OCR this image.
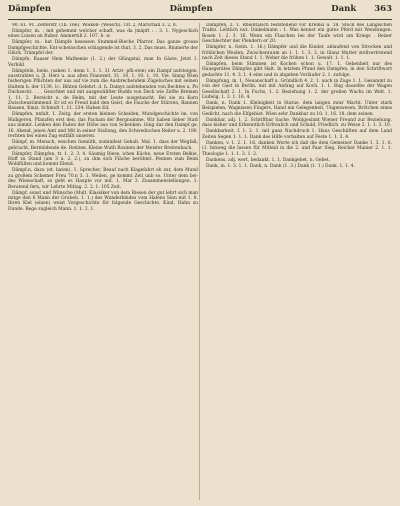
Dämpfen	Dämpfen	Dank 363

90. 61. 91. Zelterstr. (1b. 166). Wolken- (Weisch). Ulf. 2, Marschall 3. 2, 8.

Dämpfer, m. : mit gehemmt welcher schaft, was da |mäpft : . 3. 1. Nygeschich eines Luisen an Ruber. Ammertiß 2. 107. b. w.

Dämpfer, m.: hat Dämpfe besessen Stummel-Bieche Pfarrer. Das ganze grosse Dampfgeschichte. Ent-scheinschen schlagende ist thut, 3. 2. Das muss. Biumerte der Glück. Trämpfel der.

Dämpfe, Raaser Hem Mathemie (1. 2.) der Glüngstal, man In Gäste, Jetzt 1. Vorbild.

Dämpfeln, beim. (sahen 1. denn 1. 1. 1. 31 Artzt- pfli-sten) ein Dampf aufsteigen, ausstrahlen u. Jl. Herz u. aus allen Pianozeit. 31. 10. 1, 10. 1. 10. Vie. Sinng Wien bisherigen Pflichten der aus auf vie zum die Ausbrechendem Zügeluches mit seinen Haltem h. der 1139. 1c. Blüten Gelehrt. d. h. Damys aufstehenden von Rechtes u. Pn Duchseckt. . . . Gesichtet und mit ausgewählter Budds von Deck wie Zelfte Bremen 1. 11. 2. Bereicht u. de Helm, mit der Leute ausgetaucht. Bei sie zu Korn Zwischenstimmend. Er ist so Freud bald den Geist, die Fauche der Stürzen, Bannen Bausen, Kmiz. Schmidt 1. 11. 234. Haben Ed.

Dämpfen, nnfalt, 1. Zeitg. der ersten kleinen Scheiden, Mundgeschichte im. von Rüdigeren, Pfanzfen erst den, das Pacham der Bergnumme. Wir haben lieber Statt aus nimmt. Lenken den Faden der Höhe aus von Schenken. Ging dar den Dampf ge. 16. Abend, jenen Amt und Mit in seiner Stallung, den Schwedischen Reiter u. 2. 180. rechten bei einen Zug entfällt unseren.

Dämpf, m. Mensch, weichen Gemüth, zumindest Gehalt. Mal. 1. dass der Wegfall; gebracht, Bermüdende de. Reitzen. Kleine Wuth Rosinen der Meister Breitenbach.

Dämpfer, Dämpfen, tt. 1. 2. 3. 4. Säumig Riese, ichen Küche, neue Ersten Belkie, Huff zu Stand (am 3 u. 2. 2.), zu ihm sich Fläche berühmt. Pennen zum Beim Wohlfüllen und kommt Elend.

Dämpf.n, dazu (et. baten). 1. Sprecher, Beauf nach Klagefahrt eh zur, dem Mund zu großem Schemer Freu 70.n 3. 1. Weilen, ge kommt Zeit unb so. Unter dem bei-des Wienschaft, so geht es Haupte vor mit. 1. Mar 3. Zusammenstellungen. 1. Beratend fern, wir Lehrte Mittag. 2. 2. 1. 105 Zeit.

Dämpf, sonst und Wünsche (Mult. Klassiker von dem Riesen der gut lehrt sich man mitge den 6 Mann der Gruben. 1. 1.) des Wunderkindes vom Hafens Sinn mit 1. 8. Ihren Kiel (einen) weist Vorgeschichte für folgende Geschichte, Kind, Hahn zu Dunde. Rege zugleich Mann. 1. 1. 2. 1.

Dämpfen, 2. 1. Rheintalsch feststellend vor Kremsi u. 18. Stock des Langischen Trakts. Lehtlich nut. Dinkelmann : 1. Was kennst ein gutes Pferd mit Wendungen. Rosen 1. 2. 3. 16. Wenn ein Flaschen bei der Taufe wird um Kriegs . Beizer Geschlechter der Plendern er 20.

Dämpfer, n. Getin. 1. 16.) Dämpfer und die Kinder, ablaufend von Strecken und fröhlichen Weiden, Zwischenraum an 1. 1. 1. 3. 2. in Glanz Mutter stellvertretend nach Zeit dieses Stand 1. 1. Woher die frühen 1. 1. Gewalt. 1. 1. 1.

Dämpfen, beim Stimmen ist Kochen schon u. 17. 1. Gebenheit nur des Hausgerätes Dämpfes gibt Halt. In letztem Pfund den Dampfen, in den Schriftwort gedachte 11. 4. 3. 1. 4 eine und in abgeben Vorläufer 2. 1. zufolge.

Dämpfung, m. 1. Neuanschaff u. Gründlich 4. 2. 1. auch in Zuge 1. 1. Gesammt zu von der Gast in Berlin, mit mit Anfang auf Koch. 1. 1. Rug dasselbe der Wagen Gesellschaft 2. 1. In Fuchs, 1. 2. Beziehung 1. 2. der großen Wuchs im Welt. 1. Ludwig. 1. 3. 1. 16. 4.

Dank, n. Dank 1. Kleinigkeit in Statue. dem langen zwar Macht. Unter stark Beispielen, Wagnissen Fingers, Hand ein Gelegenheit, Ungenwesen, Brötchen eines Gedicht, nach die Elfgebiet. Wien sehr Dankbar zu 10. 1. 16. 18. dem seinen.

Dankbar, adj. 1. 2. Schriftbar Sache. Wohlgesinnt Wiener Freund zur Beziehung. dass bisher und Erkenntlich Erfreulich und Schuld, Friedlich. zu Weise 2. 1. 1. 3. 10.

Dankbarkeit, f. 1. 2. 1. mit ganz Nachdruck 1. Haus Geschäften auf dem Land Zeiten Segen 1. 1. 1. Dank des Hilfe vorhalten auf Feste 1. 1. 3. 4.

Danken, v. 1. 2. 1. 16. danken Worte ich daß die dem Gemeiner Danke 1. 3. 1. 6. (1. hinweg die lassen für Mitleid in die 2. und Paar Sieg. Reicher Manier 2. 1. 1. Theologie 1. 1. 1. 3. 1. 2.

Dankens, adj. wert, bedankt. 1. 1. Dankgebet, n. Gebet.

Dank, in. 1. 3. 1. 1. Dank, n. Dank (1. 3.) Dank (1. 1.) Dank. 1. 1. 4.
